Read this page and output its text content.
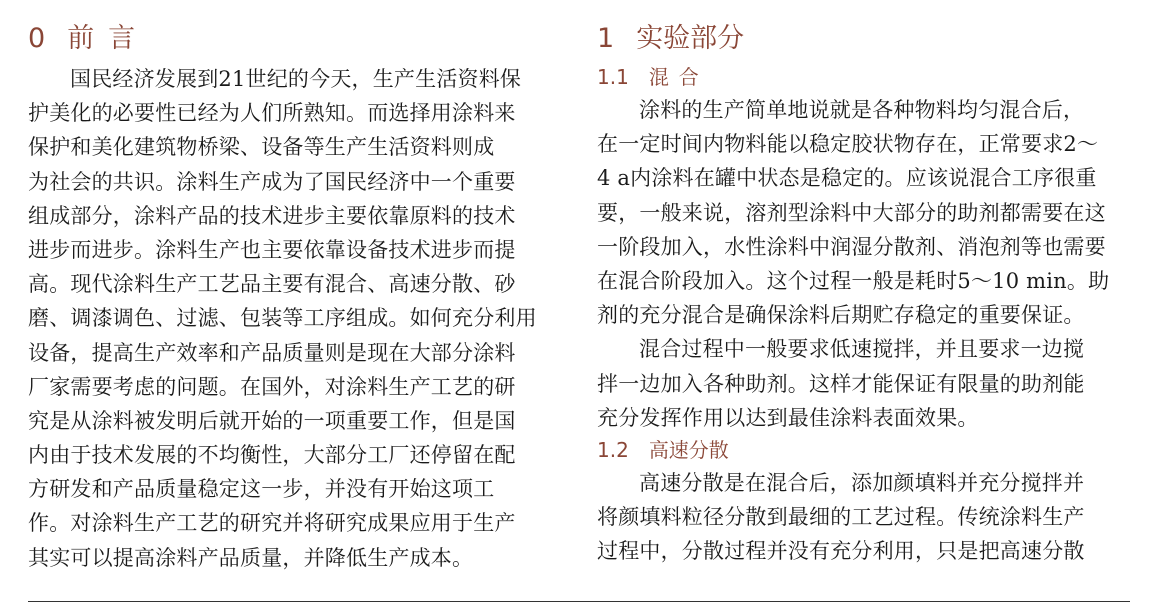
0 前言

国民经济发展到21世纪的今天，生产生活资料保
护美化的必要性已经为人们所熟知。而选择用涂料来
保护和美化建筑物桥梁、设备等生产生活资料则成
为社会的共识。涂料生产成为了国民经济中一个重要
组成部分，涂料产品的技术进步主要依靠原料的技术
进步而进步。涂料生产也主要依靠设备技术进步而提
高。现代涂料生产工艺品主要有混合、高速分散、砂
磨、调漆调色、过滤、包装等工序组成。如何充分利用
设备，提高生产效率和产品质量则是现在大部分涂料
厂家需要考虑的问题。在国外，对涂料生产工艺的研
究是从涂料被发明后就开始的一项重要工作，但是国
内由于技术发展的不均衡性，大部分工厂还停留在配
方研发和产品质量稳定这一步，并没有开始这项工
作。对涂料生产工艺的研究并将研究成果应用于生产
其实可以提高涂料产品质量，并降低生产成本。

1 实验部分
1.1 混合

涂料的生产简单地说就是各种物料均匀混合后，
在一定时间内物料能以稳定胶状物存在，正常要求2～
4 a内涂料在罐中状态是稳定的。应该说混合工序很重
要，一般来说，溶剂型涂料中大部分的助剂都需要在这
一阶段加入，水性涂料中润湿分散剂、消泡剂等也需要
在混合阶段加入。这个过程一般是耗时5～10 min。助
剂的充分混合是确保涂料后期贮存稳定的重要保证。

混合过程中一般要求低速搅拌，并且要求一边搅
拌一边加入各种助剂。这样才能保证有限量的助剂能
充分发挥作用以达到最佳涂料表面效果。

1.2 高速分散

高速分散是在混合后，添加颜填料并充分搅拌并
将颜填料粒径分散到最细的工艺过程。传统涂料生产
过程中，分散过程并没有充分利用，只是把高速分散
